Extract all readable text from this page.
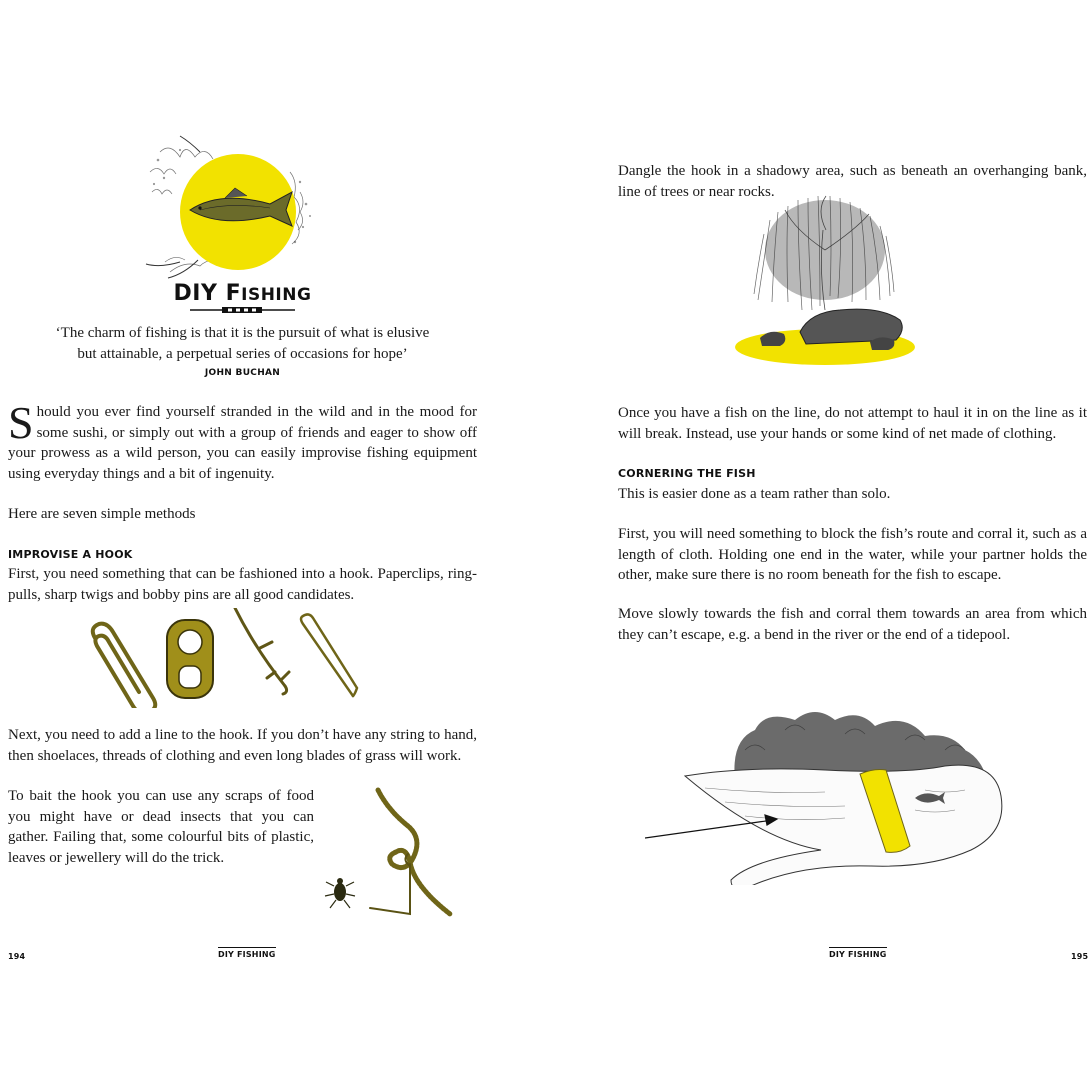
DIY FISHING
‘The charm of fishing is that it is the pursuit of what is elusive
but attainable, a perpetual series of occasions for hope’
JOHN BUCHAN
Should you ever find yourself stranded in the wild and in the mood for some sushi, or simply out with a group of friends and eager to show off your prowess as a wild person, you can easily improvise fishing equipment using everyday things and a bit of ingenuity.

Here are seven simple methods

IMPROVISE A HOOK

First, you need something that can be fashioned into a hook. Paperclips, ring-pulls, sharp twigs and bobby pins are all good candidates.

Next, you need to add a line to the hook. If you don’t have any string to hand, then shoelaces, threads of clothing and even long blades of grass will work.

To bait the hook you can use any scraps of food you might have or dead insects that you can gather. Failing that, some colourful bits of plastic, leaves or jewellery will do the trick.

194	DIY FISHING

Dangle the hook in a shadowy area, such as beneath an overhanging bank, line of trees or near rocks.

Once you have a fish on the line, do not attempt to haul it in on the line as it will break. Instead, use your hands or some kind of net made of clothing.

CORNERING THE FISH

This is easier done as a team rather than solo.

First, you will need something to block the fish’s route and corral it, such as a length of cloth. Holding one end in the water, while your partner holds the other, make sure there is no room beneath for the fish to escape.

Move slowly towards the fish and corral them towards an area from which they can’t escape, e.g. a bend in the river or the end of a tidepool.

DIY FISHING	195
